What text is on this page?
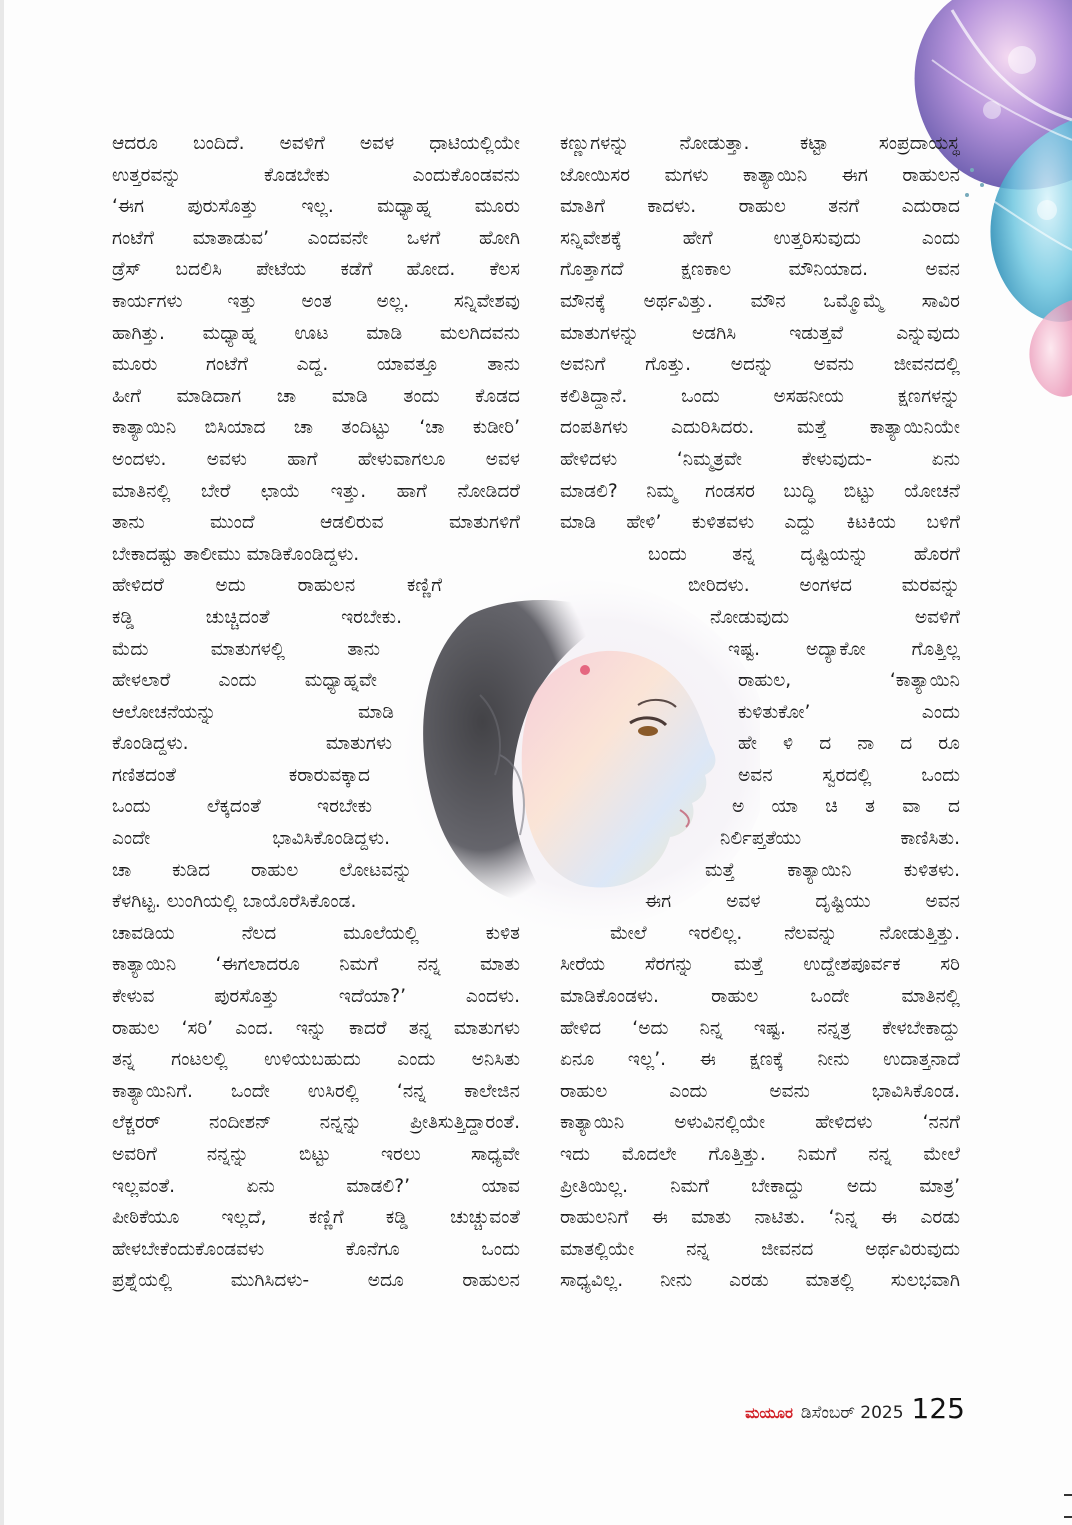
ಆದರೂ ಬಂದಿದೆ. ಅವಳಿಗೆ ಅವಳ ಧಾಟಿಯಲ್ಲಿಯೇ
ಉತ್ತರವನ್ನು ಕೊಡಬೇಕು ಎಂದುಕೊಂಡವನು
‘ಈಗ ಪುರುಸೊತ್ತು ಇಲ್ಲ. ಮಧ್ಯಾಹ್ನ ಮೂರು
ಗಂಟೆಗೆ ಮಾತಾಡುವ’ ಎಂದವನೇ ಒಳಗೆ ಹೋಗಿ
ಡ್ರೆಸ್ ಬದಲಿಸಿ ಪೇಟೆಯ ಕಡೆಗೆ ಹೋದ. ಕೆಲಸ
ಕಾರ್ಯಗಳು ಇತ್ತು ಅಂತ ಅಲ್ಲ. ಸನ್ನಿವೇಶವು
ಹಾಗಿತ್ತು. ಮಧ್ಯಾಹ್ನ ಊಟ ಮಾಡಿ ಮಲಗಿದವನು
ಮೂರು ಗಂಟೆಗೆ ಎದ್ದ. ಯಾವತ್ತೂ ತಾನು
ಹೀಗೆ ಮಾಡಿದಾಗ ಚಾ ಮಾಡಿ ತಂದು ಕೊಡದ
ಕಾತ್ಯಾಯಿನಿ ಬಿಸಿಯಾದ ಚಾ ತಂದಿಟ್ಟು ‘ಚಾ ಕುಡೀರಿ’
ಅಂದಳು. ಅವಳು ಹಾಗೆ ಹೇಳುವಾಗಲೂ ಅವಳ
ಮಾತಿನಲ್ಲಿ ಬೇರೆ ಛಾಯೆ ಇತ್ತು. ಹಾಗೆ ನೋಡಿದರೆ
ತಾನು ಮುಂದೆ ಆಡಲಿರುವ ಮಾತುಗಳಿಗೆ
ಬೇಕಾದಷ್ಟು ತಾಲೀಮು ಮಾಡಿಕೊಂಡಿದ್ದಳು.
ಹೇಳಿದರೆ ಅದು ರಾಹುಲನ ಕಣ್ಣಿಗೆ
ಕಡ್ಡಿ ಚುಚ್ಚಿದಂತೆ ಇರಬೇಕು.
ಮೆದು ಮಾತುಗಳಲ್ಲಿ ತಾನು
ಹೇಳಲಾರೆ ಎಂದು ಮಧ್ಯಾಹ್ನವೇ
ಆಲೋಚನೆಯನ್ನು ಮಾಡಿ
ಕೊಂಡಿದ್ದಳು. ಮಾತುಗಳು
ಗಣಿತದಂತೆ ಕರಾರುವಕ್ಕಾದ
ಒಂದು ಲೆಕ್ಕದಂತೆ ಇರಬೇಕು
ಎಂದೇ ಭಾವಿಸಿಕೊಂಡಿದ್ದಳು.
ಚಾ ಕುಡಿದ ರಾಹುಲ ಲೋಟವನ್ನು
ಕೆಳಗಿಟ್ಟ. ಲುಂಗಿಯಲ್ಲಿ ಬಾಯೊರೆಸಿಕೊಂಡ.
ಚಾವಡಿಯ ನೆಲದ ಮೂಲೆಯಲ್ಲಿ ಕುಳಿತ
ಕಾತ್ಯಾಯಿನಿ ‘ಈಗಲಾದರೂ ನಿಮಗೆ ನನ್ನ ಮಾತು
ಕೇಳುವ ಪುರಸೊತ್ತು ಇದೆಯಾ?’ ಎಂದಳು.
ರಾಹುಲ ‘ಸರಿ’ ಎಂದ. ಇನ್ನು ಕಾದರೆ ತನ್ನ ಮಾತುಗಳು
ತನ್ನ ಗಂಟಲಲ್ಲಿ ಉಳಿಯಬಹುದು ಎಂದು ಅನಿಸಿತು
ಕಾತ್ಯಾಯಿನಿಗೆ. ಒಂದೇ ಉಸಿರಲ್ಲಿ ‘ನನ್ನ ಕಾಲೇಜಿನ
ಲೆಕ್ಚರರ್ ನಂದೀಶನ್ ನನ್ನನ್ನು ಪ್ರೀತಿಸುತ್ತಿದ್ದಾರಂತೆ.
ಅವರಿಗೆ ನನ್ನನ್ನು ಬಿಟ್ಟು ಇರಲು ಸಾಧ್ಯವೇ
ಇಲ್ಲವಂತೆ. ಏನು ಮಾಡಲಿ?’ ಯಾವ
ಪೀಠಿಕೆಯೂ ಇಲ್ಲದೆ, ಕಣ್ಣಿಗೆ ಕಡ್ಡಿ ಚುಚ್ಚುವಂತೆ
ಹೇಳಬೇಕೆಂದುಕೊಂಡವಳು ಕೊನೆಗೂ ಒಂದು
ಪ್ರಶ್ನೆಯಲ್ಲಿ ಮುಗಿಸಿದಳು- ಅದೂ ರಾಹುಲನ
ಕಣ್ಣುಗಳನ್ನು ನೋಡುತ್ತಾ. ಕಟ್ಟಾ ಸಂಪ್ರದಾಯಸ್ಥ
ಜೋಯಿಸರ ಮಗಳು ಕಾತ್ಯಾಯಿನಿ ಈಗ ರಾಹುಲನ
ಮಾತಿಗೆ ಕಾದಳು. ರಾಹುಲ ತನಗೆ ಎದುರಾದ
ಸನ್ನಿವೇಶಕ್ಕೆ ಹೇಗೆ ಉತ್ತರಿಸುವುದು ಎಂದು
ಗೊತ್ತಾಗದೆ ಕ್ಷಣಕಾಲ ಮೌನಿಯಾದ. ಅವನ
ಮೌನಕ್ಕೆ ಅರ್ಥವಿತ್ತು. ಮೌನ ಒಮ್ಮೊಮ್ಮೆ ಸಾವಿರ
ಮಾತುಗಳನ್ನು ಅಡಗಿಸಿ ಇಡುತ್ತವೆ ಎನ್ನುವುದು
ಅವನಿಗೆ ಗೊತ್ತು. ಅದನ್ನು ಅವನು ಜೀವನದಲ್ಲಿ
ಕಲಿತಿದ್ದಾನೆ. ಒಂದು ಅಸಹನೀಯ ಕ್ಷಣಗಳನ್ನು
ದಂಪತಿಗಳು ಎದುರಿಸಿದರು. ಮತ್ತೆ ಕಾತ್ಯಾಯಿನಿಯೇ
ಹೇಳಿದಳು ‘ನಿಮ್ಮತ್ರವೇ ಕೇಳುವುದು- ಏನು
ಮಾಡಲಿ? ನಿಮ್ಮ ಗಂಡಸರ ಬುದ್ಧಿ ಬಿಟ್ಟು ಯೋಚನೆ
ಮಾಡಿ ಹೇಳಿ’ ಕುಳಿತವಳು ಎದ್ದು ಕಿಟಕಿಯ ಬಳಿಗೆ
ಬಂದು ತನ್ನ ದೃಷ್ಟಿಯನ್ನು ಹೊರಗೆ
ಬೀರಿದಳು. ಅಂಗಳದ ಮರವನ್ನು
ನೋಡುವುದು ಅವಳಿಗೆ
ಇಷ್ಟ. ಅದ್ಯಾಕೋ ಗೊತ್ತಿಲ್ಲ
ರಾಹುಲ, ‘ಕಾತ್ಯಾಯಿನಿ
ಕುಳಿತುಕೋ’ ಎಂದು
ಹೇ ಳಿ ದ ನಾ ದ ರೂ
ಅವನ ಸ್ವರದಲ್ಲಿ ಒಂದು
ಅ ಯಾ ಚಿ ತ ವಾ ದ
ನಿರ್ಲಿಪ್ತತೆಯು ಕಾಣಿಸಿತು.
ಮತ್ತೆ ಕಾತ್ಯಾಯಿನಿ ಕುಳಿತಳು.
ಈಗ ಅವಳ ದೃಷ್ಟಿಯು ಅವನ
ಮೇಲೆ ಇರಲಿಲ್ಲ. ನೆಲವನ್ನು ನೋಡುತ್ತಿತ್ತು.
ಸೀರೆಯ ಸೆರಗನ್ನು ಮತ್ತೆ ಉದ್ದೇಶಪೂರ್ವಕ ಸರಿ
ಮಾಡಿಕೊಂಡಳು. ರಾಹುಲ ಒಂದೇ ಮಾತಿನಲ್ಲಿ
ಹೇಳಿದ ‘ಅದು ನಿನ್ನ ಇಷ್ಟ. ನನ್ನತ್ರ ಕೇಳಬೇಕಾದ್ದು
ಏನೂ ಇಲ್ಲ’. ಈ ಕ್ಷಣಕ್ಕೆ ನೀನು ಉದಾತ್ತನಾದೆ
ರಾಹುಲ ಎಂದು ಅವನು ಭಾವಿಸಿಕೊಂಡ.
ಕಾತ್ಯಾಯಿನಿ ಅಳುವಿನಲ್ಲಿಯೇ ಹೇಳಿದಳು ‘ನನಗೆ
ಇದು ಮೊದಲೇ ಗೊತ್ತಿತ್ತು. ನಿಮಗೆ ನನ್ನ ಮೇಲೆ
ಪ್ರೀತಿಯಿಲ್ಲ. ನಿಮಗೆ ಬೇಕಾದ್ದು ಅದು ಮಾತ್ರ’
ರಾಹುಲನಿಗೆ ಈ ಮಾತು ನಾಟಿತು. ‘ನಿನ್ನ ಈ ಎರಡು
ಮಾತಲ್ಲಿಯೇ ನನ್ನ ಜೀವನದ ಅರ್ಥವಿರುವುದು
ಸಾಧ್ಯವಿಲ್ಲ. ನೀನು ಎರಡು ಮಾತಲ್ಲಿ ಸುಲಭವಾಗಿ
ಮಯೂರ ಡಿಸೆಂಬರ್ 2025 125
